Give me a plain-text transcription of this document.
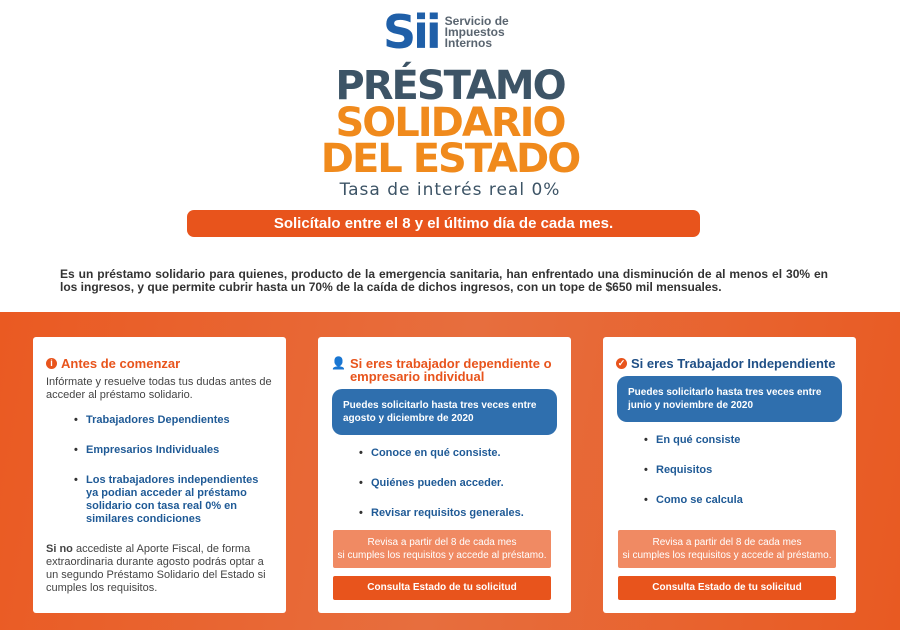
Sii Servicio de
Impuestos
Internos
PRÉSTAMO
SOLIDARIO
DEL ESTADO
Tasa de interés real 0%
Solicítalo entre el 8 y el último día de cada mes.
Es un préstamo solidario para quienes, producto de la emergencia sanitaria, han enfrentado una disminución de al menos el 30% en los ingresos, y que permite cubrir hasta un 70% de la caída de dichos ingresos, con un tope de $650 mil mensuales.
i Antes de comenzar
Infórmate y resuelve todas tus dudas antes de acceder al préstamo solidario.
• Trabajadores Dependientes
• Empresarios Individuales
• Los trabajadores independientes ya podian acceder al préstamo solidario con tasa real 0% en similares condiciones
Si no accediste al Aporte Fiscal, de forma extraordinaria durante agosto podrás optar a un segundo Préstamo Solidario del Estado si cumples los requisitos.
👤 Si eres trabajador dependiente o empresario individual
Puedes solicitarlo hasta tres veces entre agosto y diciembre de 2020
• Conoce en qué consiste.
• Quiénes pueden acceder.
• Revisar requisitos generales.
Revisa a partir del 8 de cada mes
si cumples los requisitos y accede al préstamo.
Consulta Estado de tu solicitud
✓ Si eres Trabajador Independiente
Puedes solicitarlo hasta tres veces entre junio y noviembre de 2020
• En qué consiste
• Requisitos
• Como se calcula
Revisa a partir del 8 de cada mes
si cumples los requisitos y accede al préstamo.
Consulta Estado de tu solicitud
